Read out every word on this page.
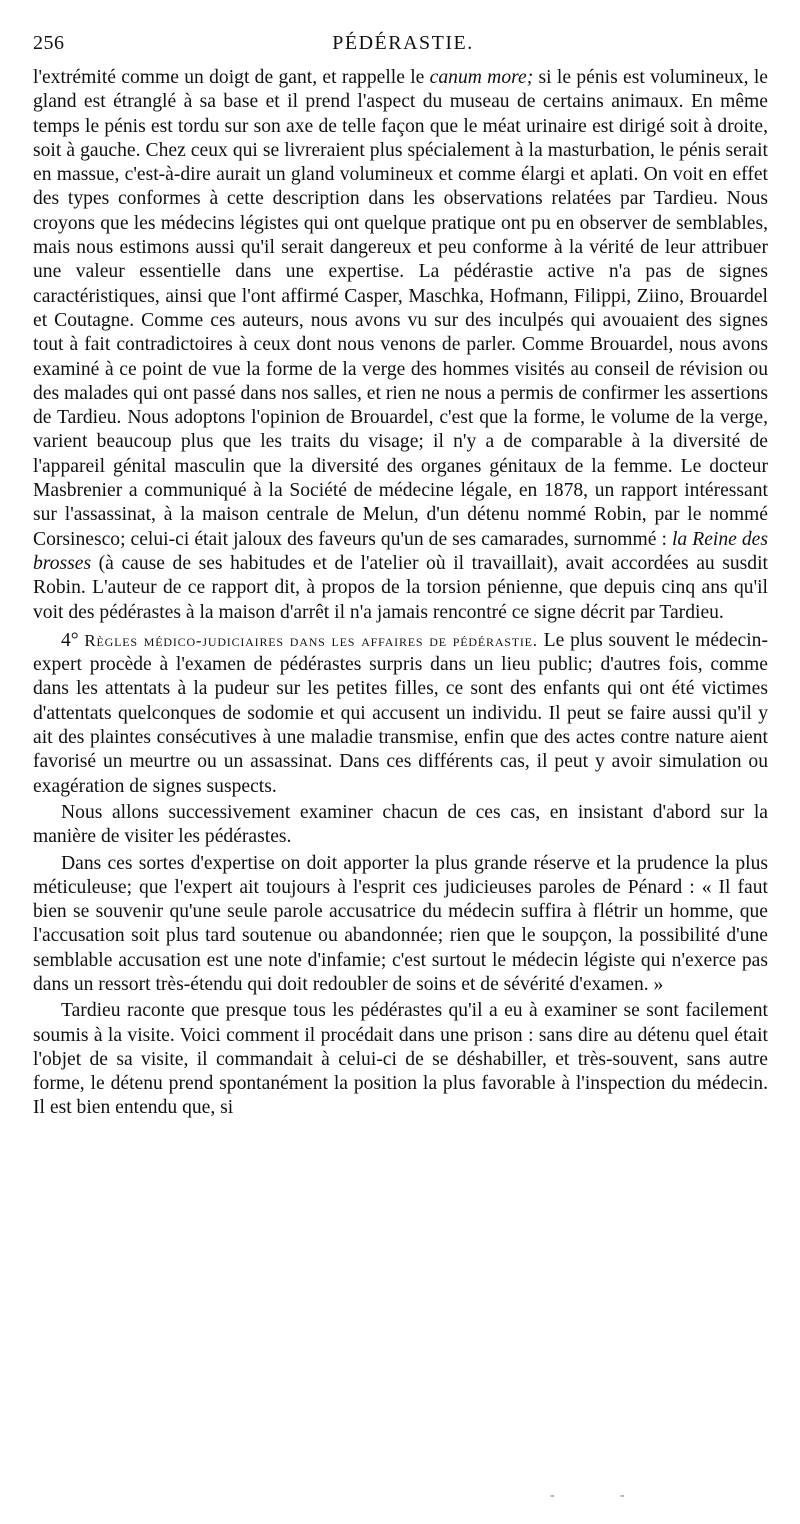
256	PÉDÉRASTIE.

l'extrémité comme un doigt de gant, et rappelle le canum more; si le pénis est volumineux, le gland est étranglé à sa base et il prend l'aspect du museau de certains animaux. En même temps le pénis est tordu sur son axe de telle façon que le méat urinaire est dirigé soit à droite, soit à gauche. Chez ceux qui se livreraient plus spécialement à la masturbation, le pénis serait en massue, c'est-à-dire aurait un gland volumineux et comme élargi et aplati. On voit en effet des types conformes à cette description dans les observations relatées par Tardieu. Nous croyons que les médecins légistes qui ont quelque pratique ont pu en observer de semblables, mais nous estimons aussi qu'il serait dangereux et peu conforme à la vérité de leur attribuer une valeur essentielle dans une expertise. La pédérastie active n'a pas de signes caractéristiques, ainsi que l'ont affirmé Casper, Maschka, Hofmann, Filippi, Ziino, Brouardel et Coutagne. Comme ces auteurs, nous avons vu sur des inculpés qui avouaient des signes tout à fait contradictoires à ceux dont nous venons de parler. Comme Brouardel, nous avons examiné à ce point de vue la forme de la verge des hommes visités au conseil de révision ou des malades qui ont passé dans nos salles, et rien ne nous a permis de confirmer les assertions de Tardieu. Nous adoptons l'opinion de Brouardel, c'est que la forme, le volume de la verge, varient beaucoup plus que les traits du visage; il n'y a de comparable à la diversité de l'appareil génital masculin que la diversité des organes génitaux de la femme. Le docteur Masbrenier a communiqué à la Société de médecine légale, en 1878, un rapport intéressant sur l'assassinat, à la maison centrale de Melun, d'un détenu nommé Robin, par le nommé Corsinesco; celui-ci était jaloux des faveurs qu'un de ses camarades, surnommé : la Reine des brosses (à cause de ses habitudes et de l'atelier où il travaillait), avait accordées au susdit Robin. L'auteur de ce rapport dit, à propos de la torsion pénienne, que depuis cinq ans qu'il voit des pédérastes à la maison d'arrêt il n'a jamais rencontré ce signe décrit par Tardieu.

4° Règles médico-judiciaires dans les affaires de pédérastie. Le plus souvent le médecin-expert procède à l'examen de pédérastes surpris dans un lieu public; d'autres fois, comme dans les attentats à la pudeur sur les petites filles, ce sont des enfants qui ont été victimes d'attentats quelconques de sodomie et qui accusent un individu. Il peut se faire aussi qu'il y ait des plaintes consécutives à une maladie transmise, enfin que des actes contre nature aient favorisé un meurtre ou un assassinat. Dans ces différents cas, il peut y avoir simulation ou exagération de signes suspects.

Nous allons successivement examiner chacun de ces cas, en insistant d'abord sur la manière de visiter les pédérastes.

Dans ces sortes d'expertise on doit apporter la plus grande réserve et la prudence la plus méticuleuse; que l'expert ait toujours à l'esprit ces judicieuses paroles de Pénard : « Il faut bien se souvenir qu'une seule parole accusatrice du médecin suffira à flétrir un homme, que l'accusation soit plus tard soutenue ou abandonnée; rien que le soupçon, la possibilité d'une semblable accusation est une note d'infamie; c'est surtout le médecin légiste qui n'exerce pas dans un ressort très-étendu qui doit redoubler de soins et de sévérité d'examen. »

Tardieu raconte que presque tous les pédérastes qu'il a eu à examiner se sont facilement soumis à la visite. Voici comment il procédait dans une prison : sans dire au détenu quel était l'objet de sa visite, il commandait à celui-ci de se déshabiller, et très-souvent, sans autre forme, le détenu prend spontanément la position la plus favorable à l'inspection du médecin. Il est bien entendu que, si

-	-
